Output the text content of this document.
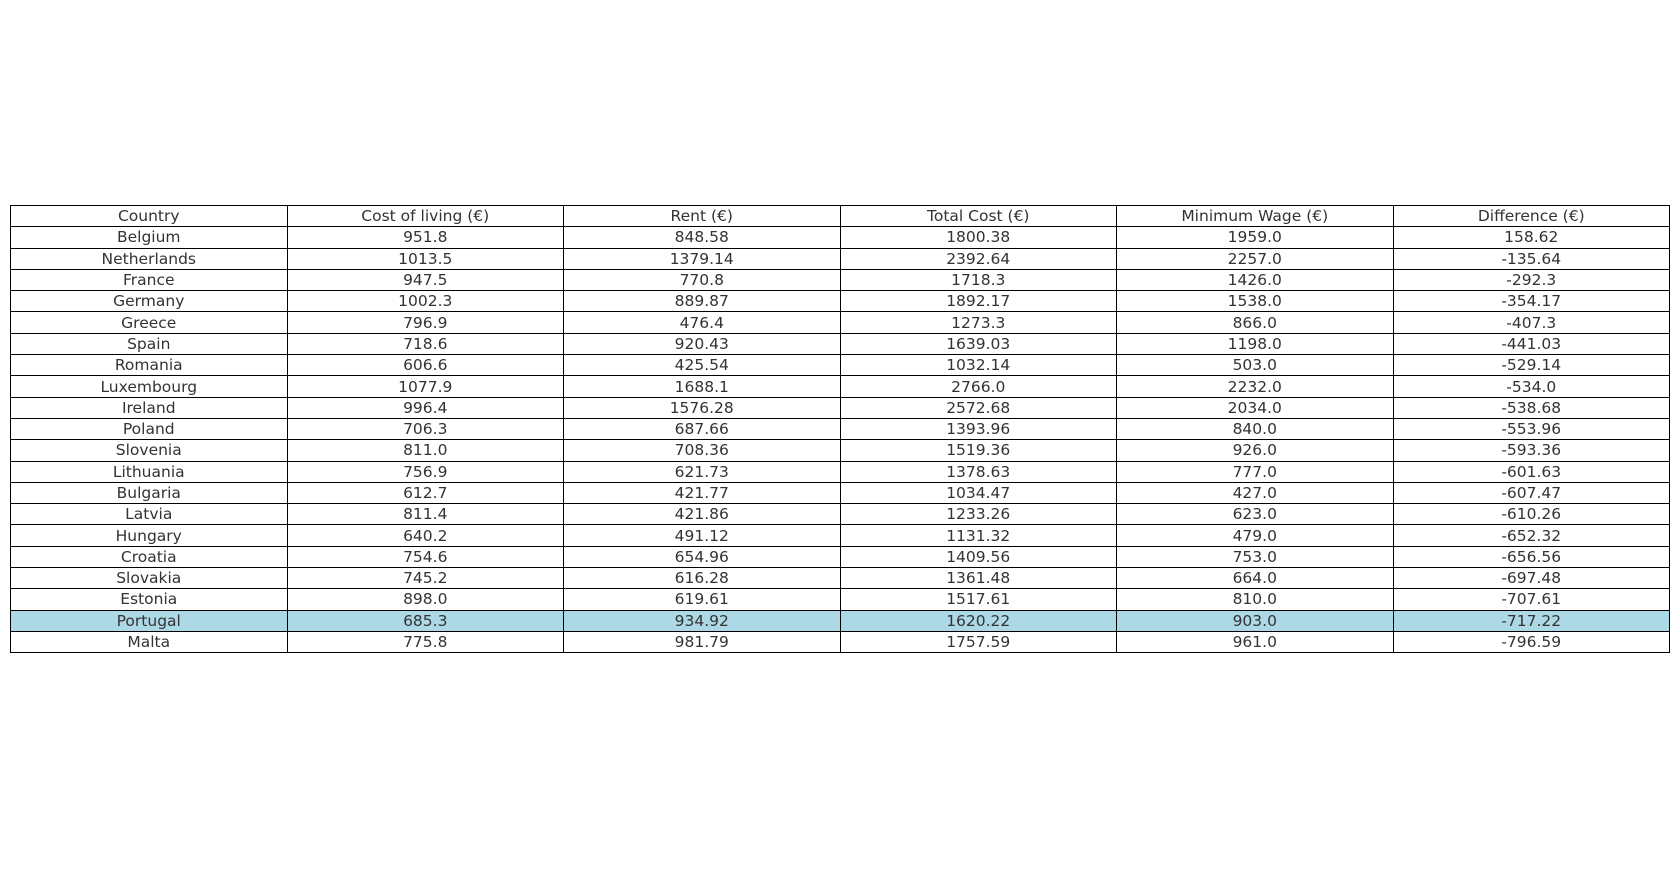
Country	Cost of living (€)	Rent (€)	Total Cost (€)	Minimum Wage (€)	Difference (€)
Belgium	951.8	848.58	1800.38	1959.0	158.62
Netherlands	1013.5	1379.14	2392.64	2257.0	-135.64
France	947.5	770.8	1718.3	1426.0	-292.3
Germany	1002.3	889.87	1892.17	1538.0	-354.17
Greece	796.9	476.4	1273.3	866.0	-407.3
Spain	718.6	920.43	1639.03	1198.0	-441.03
Romania	606.6	425.54	1032.14	503.0	-529.14
Luxembourg	1077.9	1688.1	2766.0	2232.0	-534.0
Ireland	996.4	1576.28	2572.68	2034.0	-538.68
Poland	706.3	687.66	1393.96	840.0	-553.96
Slovenia	811.0	708.36	1519.36	926.0	-593.36
Lithuania	756.9	621.73	1378.63	777.0	-601.63
Bulgaria	612.7	421.77	1034.47	427.0	-607.47
Latvia	811.4	421.86	1233.26	623.0	-610.26
Hungary	640.2	491.12	1131.32	479.0	-652.32
Croatia	754.6	654.96	1409.56	753.0	-656.56
Slovakia	745.2	616.28	1361.48	664.0	-697.48
Estonia	898.0	619.61	1517.61	810.0	-707.61
Portugal	685.3	934.92	1620.22	903.0	-717.22
Malta	775.8	981.79	1757.59	961.0	-796.59
